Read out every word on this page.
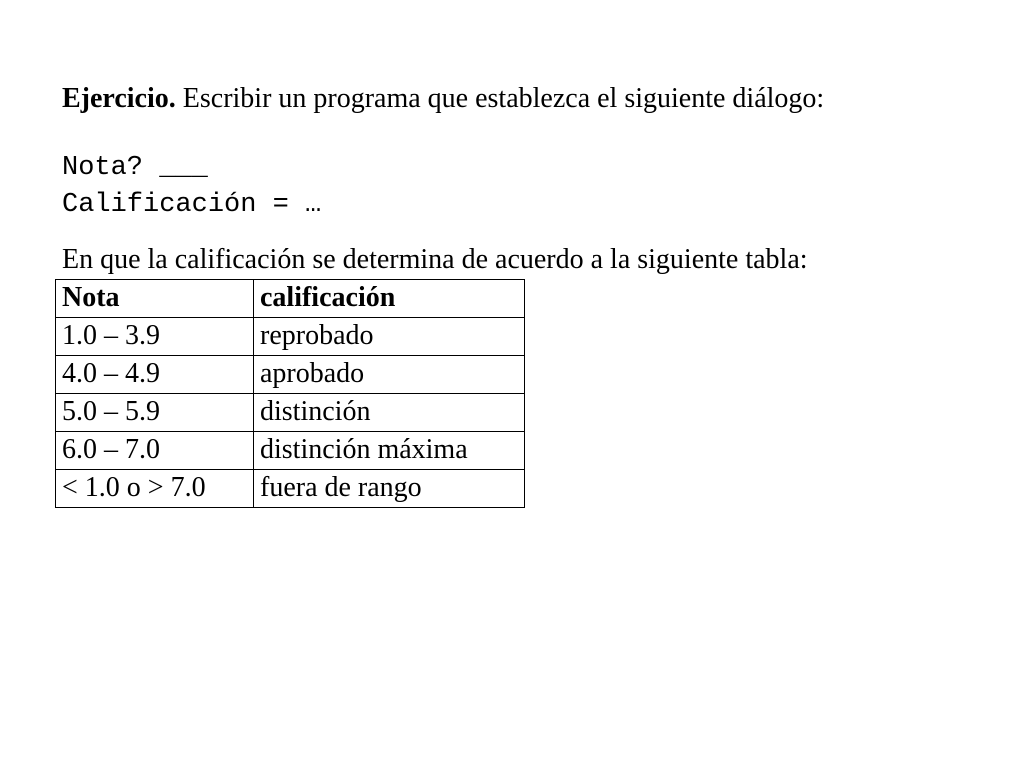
Ejercicio. Escribir un programa que establezca el siguiente diálogo:
Nota? ___
Calificación = …
En que la calificación se determina de acuerdo a la siguiente tabla:
Nota	calificación
1.0 – 3.9	reprobado
4.0 – 4.9	aprobado
5.0 – 5.9	distinción
6.0 – 7.0	distinción máxima
< 1.0 o > 7.0	fuera de rango
